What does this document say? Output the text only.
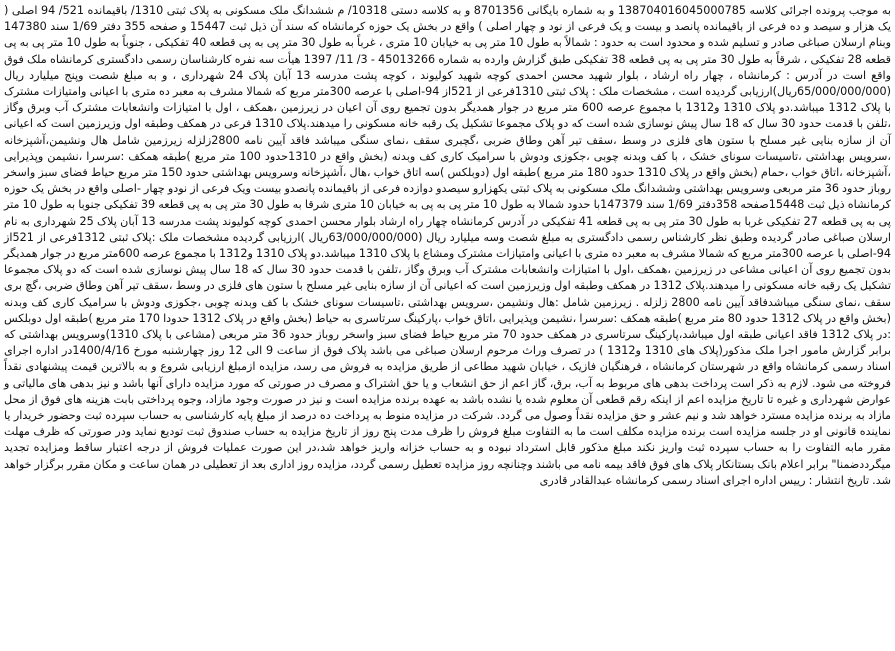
به موجب پرونده اجرائی کلاسه 138704016045000785 و به شماره بایگانی 8701356 و به کلاسه دستی 10318/ م ششدانگ ملک مسکونی به پلاک ثبتی 1310/ باقیمانده 521/ 94 اصلی ( یک هزار و سیصد و ده فرعی از باقیمانده پانصد و بیست و یک فرعی از نود و چهار اصلی ) واقع در بخش یک حوزه کرمانشاه که سند آن ذیل ثبت 15447 و صفحه 355 دفتر 1/69 سند 147380 وبنام ارسلان صباغی صادر و تسلیم شده و محدود است به حدود : شمالاً به طول 10 متر پی به خیابان 10 متری ، غرباً به طول 30 متر پی به پی قطعه 40 تفکیکی ، جنوباً به طول 10 متر پی به پی قطعه 28 تفکیکی ، شرقاً به طول 30 متر پی به پی قطعه 38 تفکیکی طبق گزارش وارده به شماره 45013266 - 3/ 11/ 1397 هیأت سه نفره کارشناسان رسمی دادگستری کرمانشاه ملک فوق واقع است در آدرس : کرمانشاه ، چهار راه ارشاد ، بلوار شهید محسن احمدی کوچه شهید کولیوند ، کوچه پشت مدرسه 13 آبان پلاک 24 شهرداری ، و به مبلغ شصت وپنج میلیارد ریال (65/000/000/000ریال)ارزیابی گردیده است ، مشخصات ملک : پلاک ثبتی 1310فرعی از 521از 94-اصلی با عرصه 300متر مربع که شمالا مشرف به معبر ده متری با اعیانی وامتیازات مشترک با پلاک 1312 میباشد.دو پلاک 1310 و1312 با مجموع عرصه 600 متر مربع در جوار همدیگر بدون تجمیع روی آن اعیان در زیرزمین ،همکف ، اول با امتیازات وانشعابات مشترک آب وبرق وگاز ،تلفن با قدمت حدود 30 سال که 18 سال پیش نوسازی شده است که دو پلاک مجموعا تشکیل یک رقبه خانه مسکونی را میدهند.پلاک 1310 فرعی در همکف وطبقه اول وزیرزمین است که اعیانی آن از سازه بنایی غیر مسلح با ستون های فلزی در وسط ،سقف تیر آهن وطاق ضربی ،گچبری سقف ،نمای سنگی میباشد فاقد آیین نامه 2800زلزله زیرزمین شامل هال ونشیمن،آشپزخانه ،سرویس بهداشتی ،تاسیسات سونای خشک ، با کف وبدنه چوبی ،جکوزی ودوش با سرامیک کاری کف وبدنه (بخش واقع در 1310حدود 100 متر مربع )طبقه همکف :سرسرا ،نشیمن وپذیرایی ،آشپزخانه ،اتاق خواب ،حمام (بخش واقع در پلاک 1310 حدود 180 متر مربع )طبقه اول (دوبلکس )سه اتاق خواب ،هال ،آشپزخانه وسرویس بهداشتی حدود 150 متر مربع حیاط فضای سبز واسخر روباز حدود 36 متر مربعی وسرویس بهداشتی وششدانگ ملک مسکونی به پلاک ثبتی یکهزارو سیصدو دوازده فرعی از باقیمانده پانصدو بیست ویک فرعی از نودو چهار -اصلی واقع در بخش یک حوزه کرمانشاه ذیل ثبت 15448صفحه 358دفتر 1/69 سند 147379با حدود شمالا به طول 10 متر پی به پی به خیابان 10 متری شرقا به طول 30 متر پی به پی قطعه 39 تفکیکی جنوبا به طول 10 متر پی به پی قطعه 27 تفکیکی غربا به طول 30 متر پی به پی قطعه 41 تفکیکی در آدرس کرمانشاه چهار راه ارشاد بلوار محسن احمدی کوچه کولیوند پشت مدرسه 13 آبان پلاک 25 شهرداری به نام ارسلان صباغی صادر گردیده وطبق نظر کارشناس رسمی دادگستری به مبلغ شصت وسه میلیارد ریال (63/000/000/000ریال )ارزیابی گردیده مشخصات ملک :پلاک ثبتی 1312فرعی از 521از 94-اصلی با عرصه 300متر مربع که شمالا مشرف به معبر ده متری با اعیانی وامتیازات مشترک ومشاع با پلاک 1310 میباشد.دو پلاک 1310 و1312 با مجموع عرصه 600متر مربع در جوار همدیگر بدون تجمیع روی آن اعیانی مشاعی در زیرزمین ،همکف ،اول با امتیازات وانشعابات مشترک آب وبرق وگاز ،تلفن با قدمت حدود 30 سال که 18 سال پیش نوسازی شده است که دو پلاک مجموعا تشکیل یک رقبه خانه مسکونی را میدهند.پلاک 1312 در همکف وطبقه اول وزیرزمین است که اعیانی آن از سازه بنایی غیر مسلح با ستون های فلزی در وسط ،سقف تیر آهن وطاق ضربی ،گچ بری سقف ،نمای سنگی میباشدفاقد آیین نامه 2800 زلزله . زیرزمین شامل :هال ونشیمن ،سرویس بهداشتی ،تاسیسات سونای خشک با کف وبدنه چوبی ،جکوزی ودوش با سرامیک کاری کف وبدنه (بخش واقع در پلاک 1312 حدود 80 متر مربع )طبقه همکف :سرسرا ،نشیمن وپذیرایی ،اتاق خواب ،پارکینگ سرتاسری به حیاط (بخش واقع در پلاک 1312 حدودا 170 متر مربع )طبقه اول دوبلکس :در پلاک 1312 فاقد اعیانی طبقه اول میباشد،پارکینگ سرتاسری در همکف حدود 70 متر مربع حیاط فضای سبز واسخر روباز حدود 36 متر مربعی (مشاعی با پلاک 1310)وسرویس بهداشتی که برابر گزارش مامور اجرا ملک مذکور(پلاک های 1310 و1312 ) در تصرف وراث مرحوم ارسلان صباغی می باشد پلاک فوق از ساعت 9 الی 12 روز چهارشنبه مورخ 1400/4/16در اداره اجرای اسناد رسمی کرمانشاه واقع در شهرستان کرمانشاه ، فرهنگیان فازیک ، خیابان شهید مطاعی از طریق مزایده به فروش می رسد، مزایده ازمبلغ ارزیابی شروع و به بالاترین قیمت پیشنهادی نقداً فروخته می شود. لازم به ذکر است پرداخت بدهی های مربوط به آب، برق، گاز اعم از حق انشعاب و یا حق اشتراک و مصرف در صورتی که مورد مزایده دارای آنها باشد و نیز بدهی های مالیاتی و عوارض شهرداری و غیره تا تاریخ مزایده اعم از اینکه رقم قطعی آن معلوم شده یا نشده باشد به عهده برنده مزایده است و نیز در صورت وجود مازاد، وجوه پرداختی بابت هزینه های فوق از محل مازاد به برنده مزایده مسترد خواهد شد و نیم عشر و حق مزایده نقداً وصول می گردد. شرکت در مزایده منوط به پرداخت ده درصد از مبلغ پایه کارشناسی به حساب سپرده ثبت وحضور خریدار یا نماینده قانونی او در جلسه مزایده است برنده مزایده مکلف است ما به التفاوت مبلغ فروش را ظرف مدت پنج روز از تاریخ مزایده به حساب صندوق ثبت تودیع نماید ودر صورتی که ظرف مهلت مقرر مابه التفاوت را به حساب سپرده ثبت واریز نکند مبلغ مذکور قابل استرداد نبوده و به حساب خزانه واریز خواهد شد،در این صورت عملیات فروش از درجه اعتبار ساقط ومزایده تجدید میگرددضمنا" برابر اعلام بانک بستانکار پلاک های فوق فاقد بیمه نامه می باشند وچنانچه روز مزایده تعطیل رسمی گردد، مزایده روز اداری بعد از تعطیلی در همان ساعت و مکان مقرر برگزار خواهد شد. تاریخ انتشار : رییس اداره اجرای اسناد رسمی کرمانشاه عبدالقادر قادری
